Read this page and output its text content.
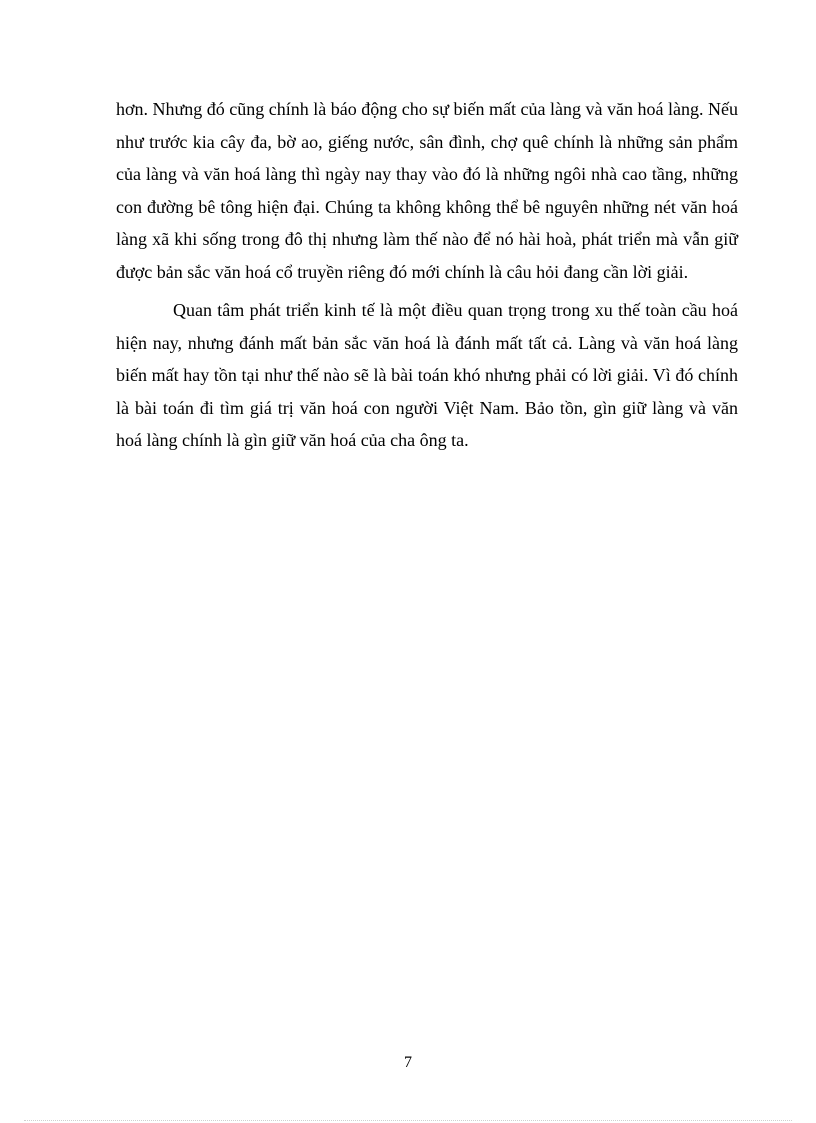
hơn. Nhưng đó cũng chính là báo động cho sự biến mất của làng và văn hoá làng. Nếu như trước kia cây đa, bờ ao, giếng nước, sân đình, chợ quê chính là những sản phẩm của làng và văn hoá làng thì ngày nay thay vào đó là những ngôi nhà cao tầng, những con đường bê tông hiện đại. Chúng ta không không thể bê nguyên những nét văn hoá làng xã khi sống trong đô thị nhưng làm thế nào để nó hài hoà, phát triển mà vẫn giữ được bản sắc văn hoá cổ truyền riêng đó mới chính là câu hỏi đang cần lời giải.

Quan tâm phát triển kinh tế là một điều quan trọng trong xu thế toàn cầu hoá hiện nay, nhưng đánh mất bản sắc văn hoá là đánh mất tất cả. Làng và văn hoá làng biến mất hay tồn tại như thế nào sẽ là bài toán khó nhưng phải có lời giải. Vì đó chính là bài toán đi tìm giá trị văn hoá con người Việt Nam. Bảo tồn, gìn giữ làng và văn hoá làng chính là gìn giữ văn hoá của cha ông ta.

7
